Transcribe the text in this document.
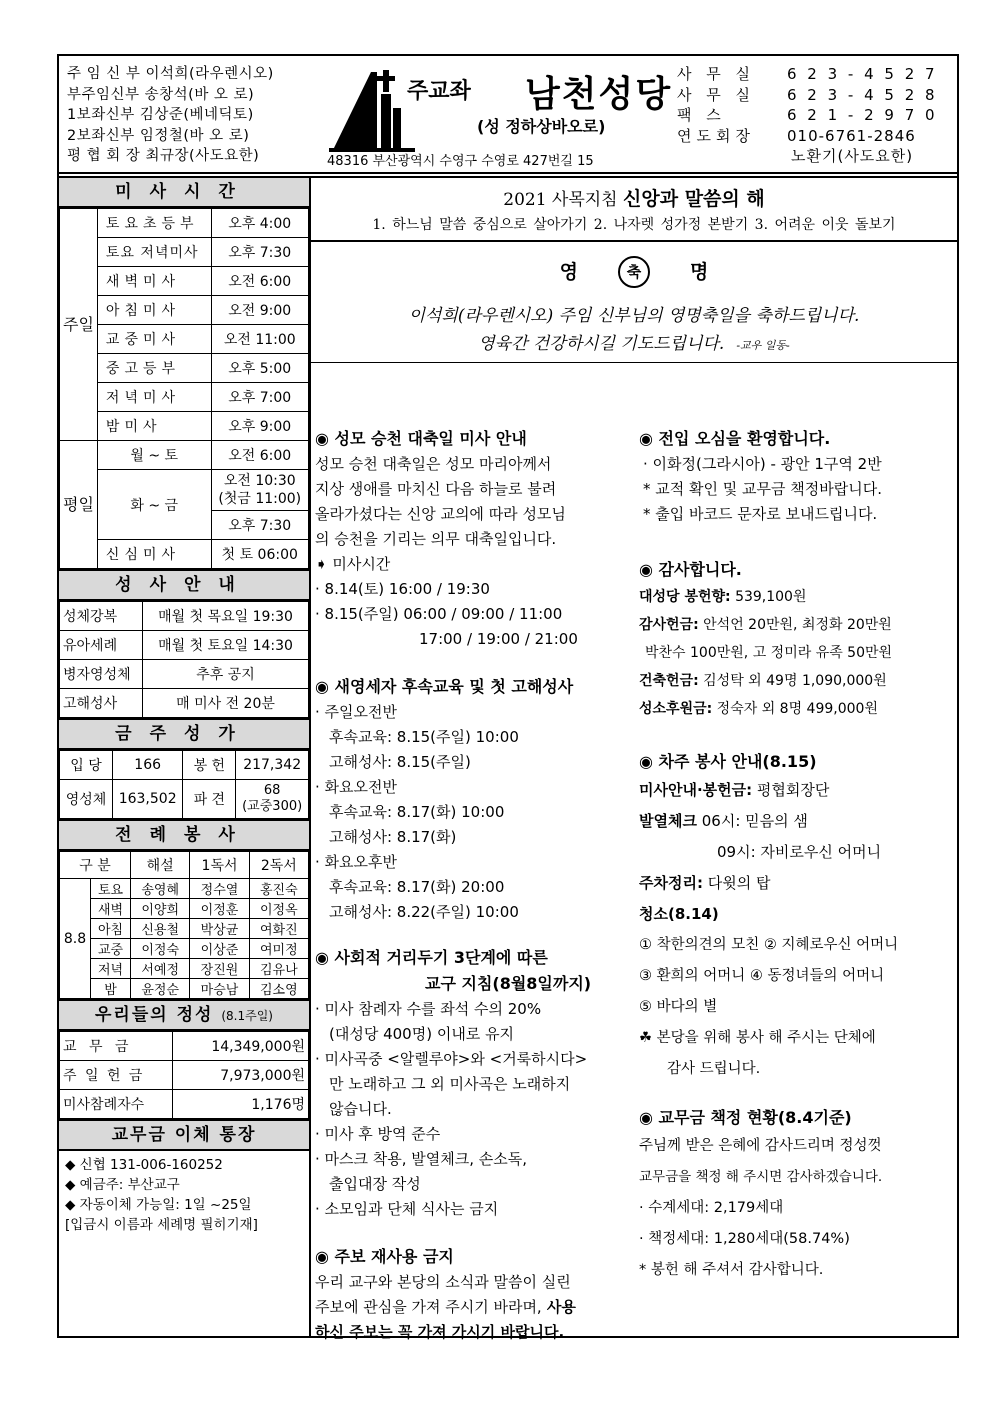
주 임 신 부 이석희(라우렌시오)
부주임신부 송창석(바 오 로)
1보좌신부 김상준(베네딕토)
2보좌신부 임정철(바 오 로)
평 협 회 장 최규장(사도요한)
주교좌 남천성당
(성 정하상바오로)
48316 부산광역시 수영구 수영로 427번길 15
사 무 실	6 2 3 - 4 5 2 7
사 무 실	6 2 3 - 4 5 2 8
팩 스	6 2 1 - 2 9 7 0
연도회장	010-6761-2846
노환기(사도요한)
미사시간
주일	토요초등부	오후 4:00
	토요 저녁미사	오후 7:30
	새벽미사	오전 6:00
	아침미사	오전 9:00
	교중미사	오전 11:00
	중고등부	오후 5:00
	저녁미사	오후 7:00
	밤미사	오후 9:00
평일	월 ~ 토	오전 6:00
	화 ~ 금	오전 10:30
(첫금 11:00)
		오후 7:30
	신심미사	첫 토 06:00
성사안내
성체강복	매월 첫 목요일 19:30
유아세례	매월 첫 토요일 14:30
병자영성체	추후 공지
고해성사	매 미사 전 20분
금주성가
입 당	166	봉 헌	217,342
영성체	163,502	파 견	68
(교중300)
전례봉사
구 분		해설	1독서	2독서
8.8	토요	송영혜	정수열	홍진숙
	새벽	이양희	이정훈	이정옥
	아침	신용철	박상균	여화진
	교중	이정숙	이상준	여미정
	저녁	서예정	장진원	김유나
	밤	윤정순	마승남	김소영
우리들의 정성 (8.1주일)
교 무 금	14,349,000원
주 일 헌 금	7,973,000원
미사참례자수	1,176명
교무금 이체 통장
◆ 신협 131-006-160252
◆ 예금주: 부산교구
◆ 자동이체 가능일: 1일 ~25일
[입금시 이름과 세례명 필히기재]
2021 사목지침 신앙과 말씀의 해
1. 하느님 말씀 중심으로 살아가기 2. 나자렛 성가정 본받기 3. 어려운 이웃 돌보기
영	축	명
이석희(라우렌시오) 주임 신부님의 영명축일을 축하드립니다.
영육간 건강하시길 기도드립니다. -교우 일동-
◉ 성모 승천 대축일 미사 안내
성모 승천 대축일은 성모 마리아께서
지상 생애를 마치신 다음 하늘로 불려
올라가셨다는 신앙 교의에 따라 성모님
의 승천을 기리는 의무 대축일입니다.
➧ 미사시간
· 8.14(토) 16:00 / 19:30
· 8.15(주일) 06:00 / 09:00 / 11:00
17:00 / 19:00 / 21:00
◉ 새영세자 후속교육 및 첫 고해성사
· 주일오전반
후속교육: 8.15(주일) 10:00
고해성사: 8.15(주일)
· 화요오전반
후속교육: 8.17(화) 10:00
고해성사: 8.17(화)
· 화요오후반
후속교육: 8.17(화) 20:00
고해성사: 8.22(주일) 10:00
◉ 사회적 거리두기 3단계에 따른
교구 지침(8월8일까지)
· 미사 참례자 수를 좌석 수의 20%
(대성당 400명) 이내로 유지
· 미사곡중 <알렐루야>와 <거룩하시다>
만 노래하고 그 외 미사곡은 노래하지
않습니다.
· 미사 후 방역 준수
· 마스크 착용, 발열체크, 손소독,
출입대장 작성
· 소모임과 단체 식사는 금지
◉ 주보 재사용 금지
우리 교구와 본당의 소식과 말씀이 실린
주보에 관심을 가져 주시기 바라며, 사용
하신 주보는 꼭 가져 가시기 바랍니다.
◉ 전입 오심을 환영합니다.
· 이화정(그라시아) - 광안 1구역 2반
* 교적 확인 및 교무금 책정바랍니다.
* 출입 바코드 문자로 보내드립니다.
◉ 감사합니다.
대성당 봉헌향: 539,100원
감사헌금: 안석언 20만원, 최정화 20만원
박찬수 100만원, 고 정미라 유족 50만원
건축헌금: 김성탁 외 49명 1,090,000원
성소후원금: 정숙자 외 8명 499,000원
◉ 차주 봉사 안내(8.15)
미사안내·봉헌금: 평협회장단
발열체크 06시: 믿음의 샘
09시: 자비로우신 어머니
주차정리: 다윗의 탑
청소(8.14)
① 착한의견의 모친 ② 지혜로우신 어머니
③ 환희의 어머니 ④ 동정녀들의 어머니
⑤ 바다의 별
☘ 본당을 위해 봉사 해 주시는 단체에
감사 드립니다.
◉ 교무금 책정 현황(8.4기준)
주님께 받은 은혜에 감사드리며 정성껏
교무금을 책정 해 주시면 감사하겠습니다.
· 수계세대: 2,179세대
· 책정세대: 1,280세대(58.74%)
* 봉헌 해 주셔서 감사합니다.
